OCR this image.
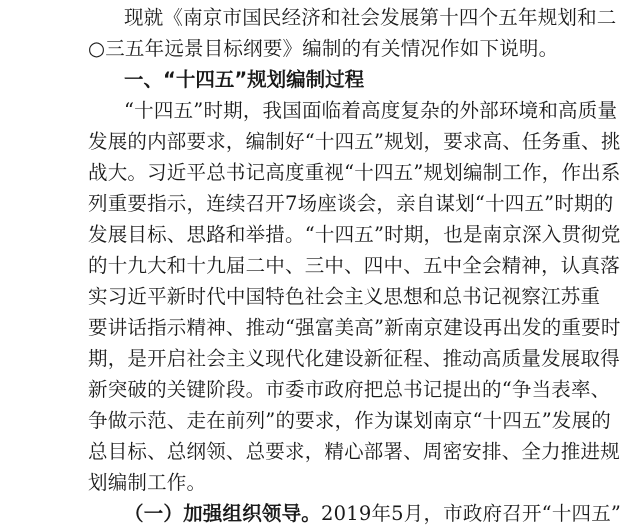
现就《南京市国民经济和社会发展第十四个五年规划和二
○三五年远景目标纲要》编制的有关情况作如下说明。
一、“十四五”规划编制过程
“十四五”时期，我国面临着高度复杂的外部环境和高质量
发展的内部要求，编制好“十四五”规划，要求高、任务重、挑
战大。习近平总书记高度重视“十四五”规划编制工作，作出系
列重要指示，连续召开7场座谈会，亲自谋划“十四五”时期的
发展目标、思路和举措。“十四五”时期，也是南京深入贯彻党
的十九大和十九届二中、三中、四中、五中全会精神，认真落
实习近平新时代中国特色社会主义思想和总书记视察江苏重
要讲话指示精神、推动“强富美高”新南京建设再出发的重要时
期，是开启社会主义现代化建设新征程、推动高质量发展取得
新突破的关键阶段。市委市政府把总书记提出的“争当表率、
争做示范、走在前列”的要求，作为谋划南京“十四五”发展的
总目标、总纲领、总要求，精心部署、周密安排、全力推进规
划编制工作。
（一）加强组织领导。2019年5月，市政府召开“十四五”
